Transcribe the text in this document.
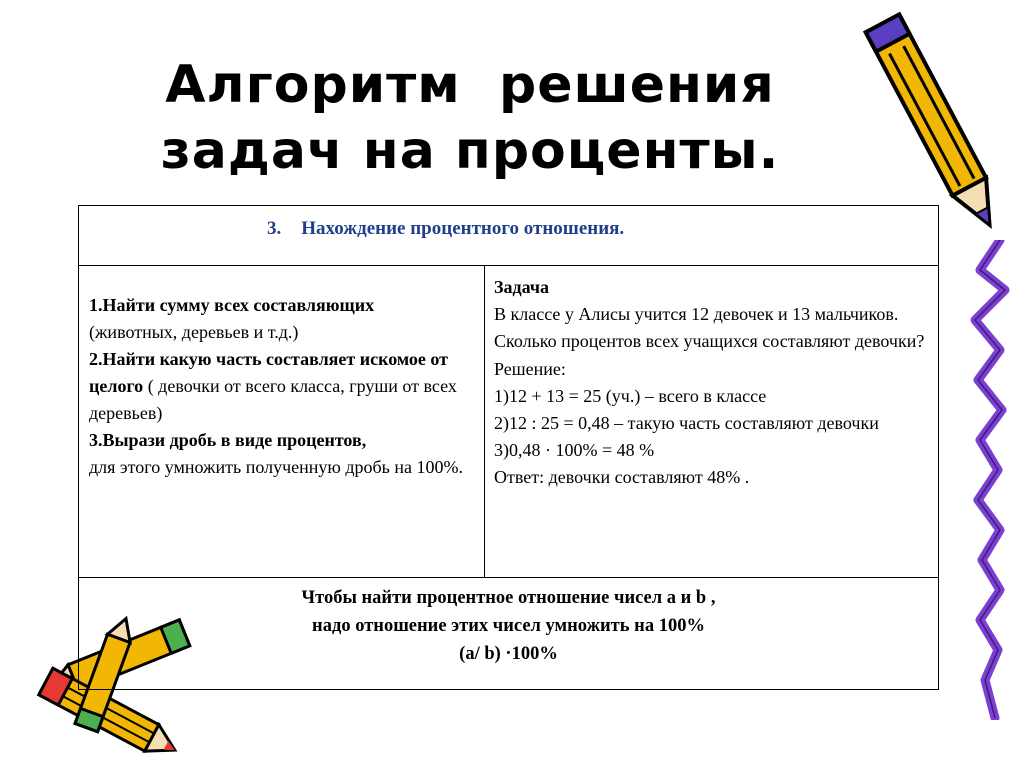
Алгоритм  решения
задач на проценты.
3. Нахождение процентного отношения.
1.Найти сумму всех составляющих
(животных, деревьев и т.д.)
2.Найти какую часть составляет искомое от целого ( девочки от всего класса, груши от всех деревьев)
3.Вырази дробь в виде процентов,
для этого умножить полученную дробь на 100%.
Задача
В классе у Алисы учится 12 девочек и 13 мальчиков. Сколько процентов всех учащихся составляют девочки?
Решение:
1)12 + 13 = 25 (уч.) – всего в классе
2)12 : 25 = 0,48 – такую часть составляют девочки
3)0,48 · 100% = 48 %
Ответ: девочки составляют 48% .
Чтобы найти процентное отношение чисел a и b ,
надо отношение этих чисел умножить на 100%
(a/ b) ·100%
